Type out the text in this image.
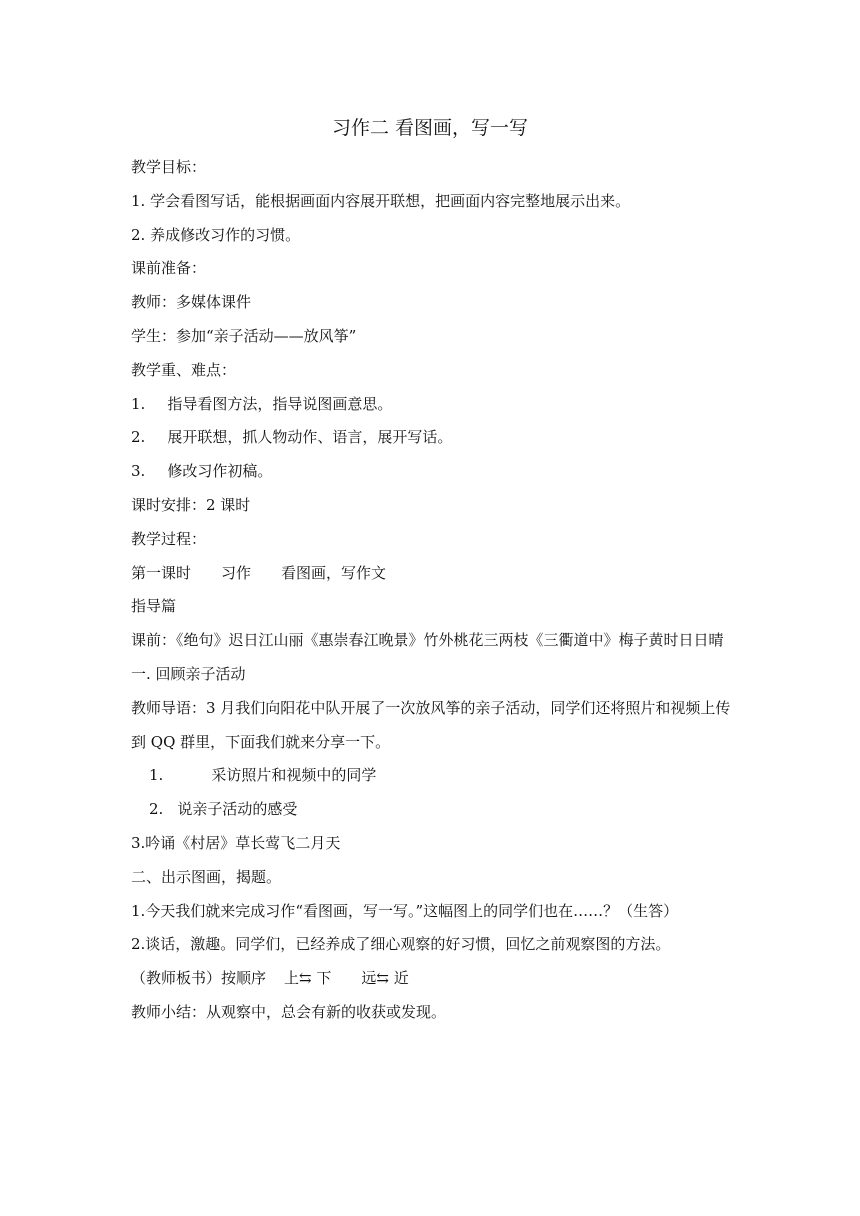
习作二 看图画，写一写
教学目标：
1. 学会看图写话，能根据画面内容展开联想，把画面内容完整地展示出来。
2. 养成修改习作的习惯。
课前准备：
教师：多媒体课件
学生：参加“亲子活动——放风筝”
教学重、难点：
1. 指导看图方法，指导说图画意思。
2. 展开联想，抓人物动作、语言，展开写话。
3. 修改习作初稿。
课时安排：2 课时
教学过程：
第一课时 习作 看图画，写作文
指导篇
课前：《绝句》迟日江山丽《惠崇春江晚景》竹外桃花三两枝《三衢道中》梅子黄时日日晴
一. 回顾亲子活动
教师导语：3 月我们向阳花中队开展了一次放风筝的亲子活动，同学们还将照片和视频上传到 QQ 群里，下面我们就来分享一下。
1.	采访照片和视频中的同学
2. 说亲子活动的感受
3.吟诵《村居》草长莺飞二月天
二、出示图画，揭题。
1.今天我们就来完成习作“看图画，写一写。”这幅图上的同学们也在……？（生答）
2.谈话，激趣。同学们，已经养成了细心观察的好习惯，回忆之前观察图的方法。
（教师板书）按顺序 上⇆ 下 远⇆ 近
教师小结：从观察中，总会有新的收获或发现。
